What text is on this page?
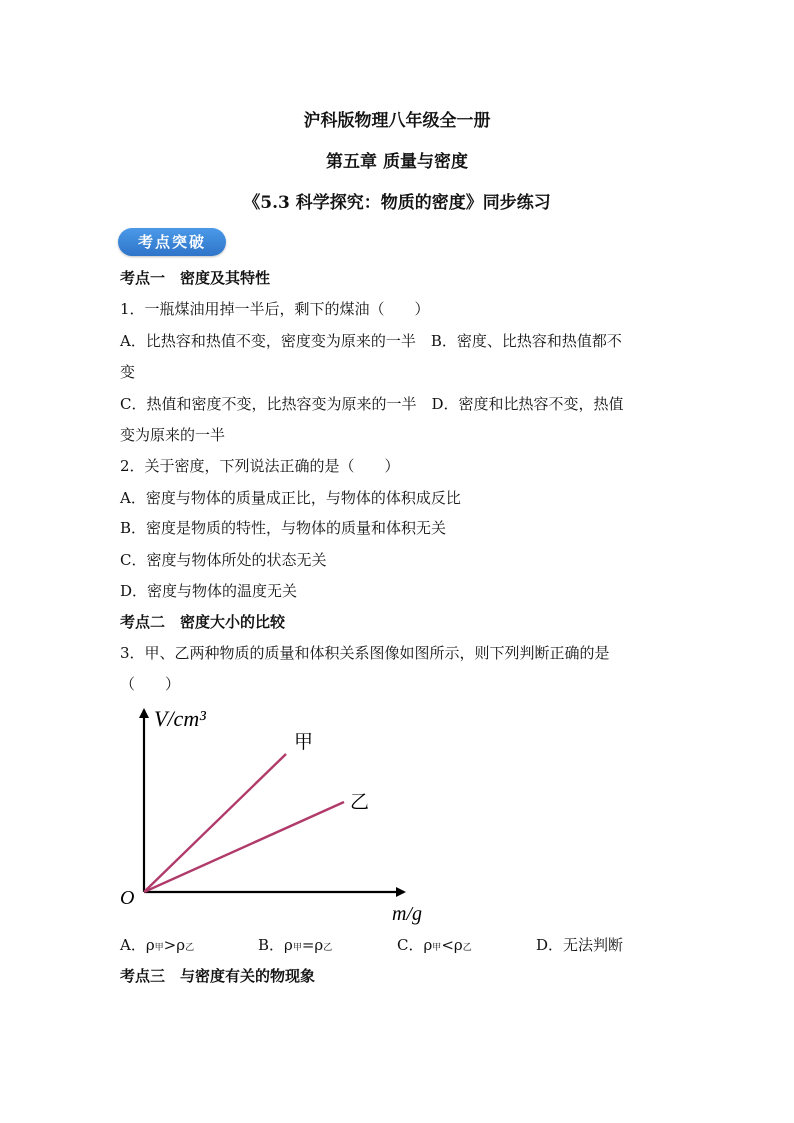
沪科版物理八年级全一册
第五章 质量与密度
《5.3 科学探究：物质的密度》同步练习
考点突破
考点一　密度及其特性
1．一瓶煤油用掉一半后，剩下的煤油（　　）
A．比热容和热值不变，密度变为原来的一半　B．密度、比热容和热值都不
变
C．热值和密度不变，比热容变为原来的一半　D．密度和比热容不变，热值
变为原来的一半
2．关于密度，下列说法正确的是（　　）
A．密度与物体的质量成正比，与物体的体积成反比
B．密度是物质的特性，与物体的质量和体积无关
C．密度与物体所处的状态无关
D．密度与物体的温度无关
考点二　密度大小的比较
3．甲、乙两种物质的质量和体积关系图像如图所示，则下列判断正确的是
（　　）
V/cm³
m/g
O
甲
乙
A．ρ甲>ρ乙	B．ρ甲=ρ乙	C．ρ甲<ρ乙	D．无法判断
考点三　与密度有关的物现象
